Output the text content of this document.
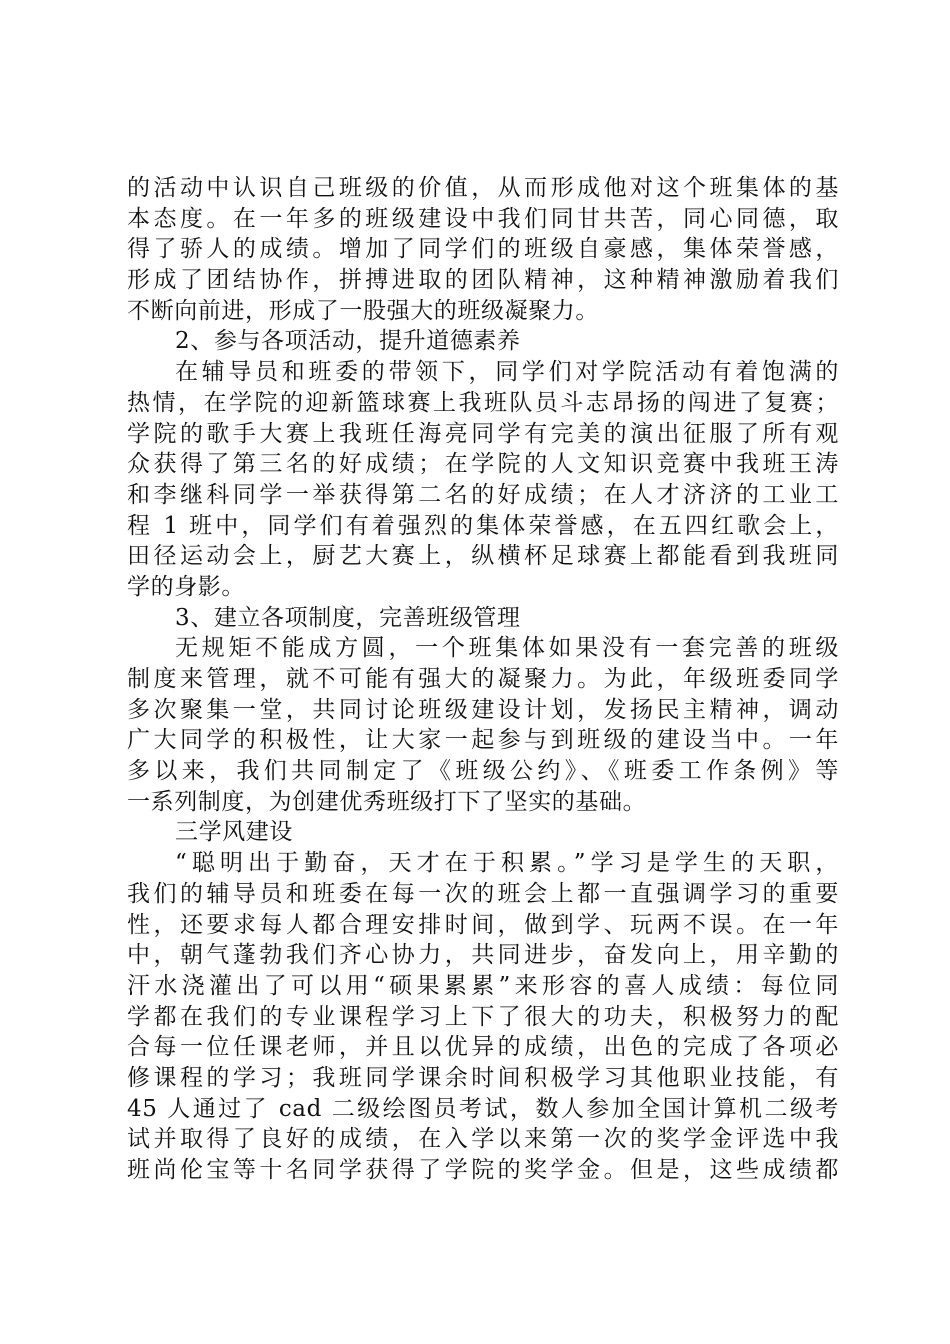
的活动中认识自己班级的价值，从而形成他对这个班集体的基
本态度。在一年多的班级建设中我们同甘共苦，同心同德，取
得了骄人的成绩。增加了同学们的班级自豪感，集体荣誉感，
形成了团结协作，拼搏进取的团队精神，这种精神激励着我们
不断向前进，形成了一股强大的班级凝聚力。
2、参与各项活动，提升道德素养
在辅导员和班委的带领下，同学们对学院活动有着饱满的
热情，在学院的迎新篮球赛上我班队员斗志昂扬的闯进了复赛；
学院的歌手大赛上我班任海亮同学有完美的演出征服了所有观
众获得了第三名的好成绩；在学院的人文知识竞赛中我班王涛
和李继科同学一举获得第二名的好成绩；在人才济济的工业工
程 1 班中，同学们有着强烈的集体荣誉感，在五四红歌会上，
田径运动会上，厨艺大赛上，纵横杯足球赛上都能看到我班同
学的身影。
3、建立各项制度，完善班级管理
无规矩不能成方圆，一个班集体如果没有一套完善的班级
制度来管理，就不可能有强大的凝聚力。为此，年级班委同学
多次聚集一堂，共同讨论班级建设计划，发扬民主精神，调动
广大同学的积极性，让大家一起参与到班级的建设当中。一年
多以来，我们共同制定了《班级公约》、《班委工作条例》等
一系列制度，为创建优秀班级打下了坚实的基础。
三学风建设
“聪明出于勤奋，天才在于积累。”学习是学生的天职，
我们的辅导员和班委在每一次的班会上都一直强调学习的重要
性，还要求每人都合理安排时间，做到学、玩两不误。在一年
中，朝气蓬勃我们齐心协力，共同进步，奋发向上，用辛勤的
汗水浇灌出了可以用“硕果累累”来形容的喜人成绩：每位同
学都在我们的专业课程学习上下了很大的功夫，积极努力的配
合每一位任课老师，并且以优异的成绩，出色的完成了各项必
修课程的学习；我班同学课余时间积极学习其他职业技能，有
45 人通过了 cad 二级绘图员考试，数人参加全国计算机二级考
试并取得了良好的成绩，在入学以来第一次的奖学金评选中我
班尚伦宝等十名同学获得了学院的奖学金。但是，这些成绩都
